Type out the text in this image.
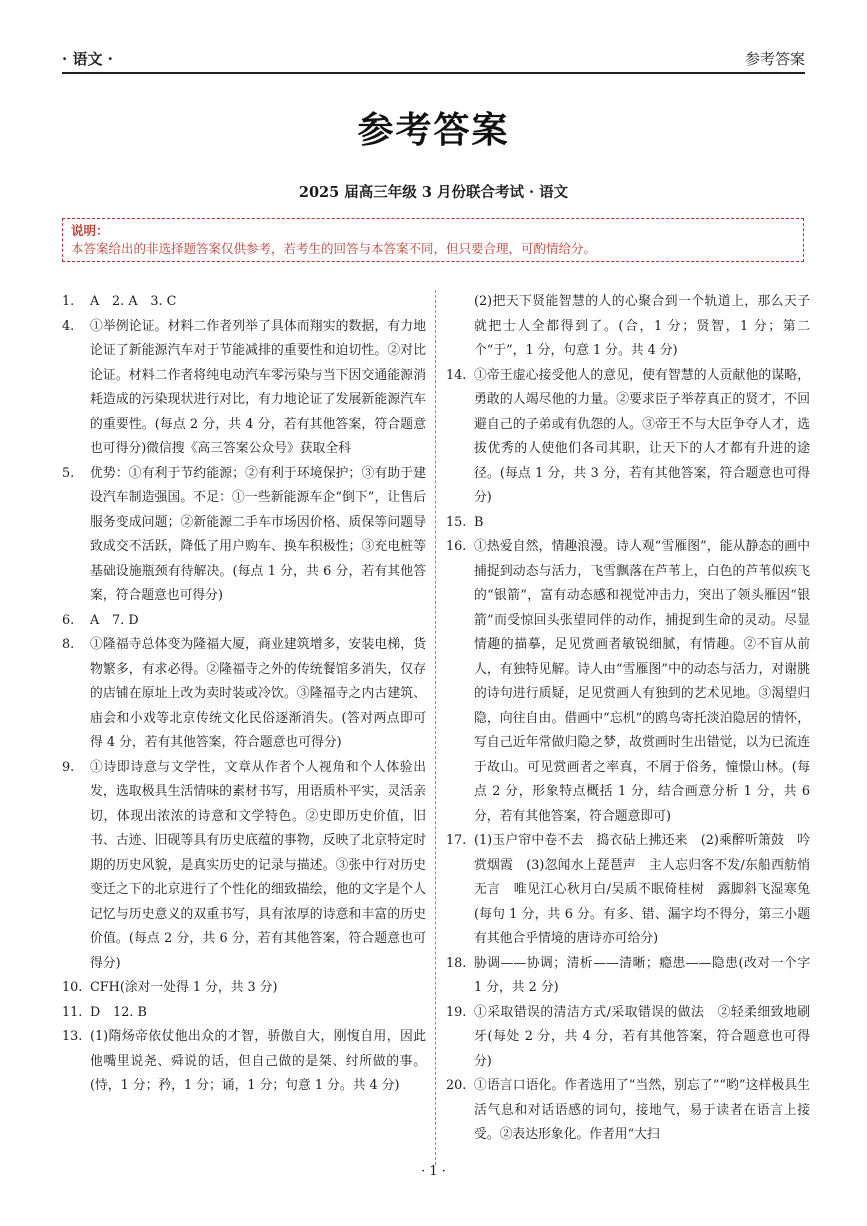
· 语文 ·	参考答案
参考答案
2025 届高三年级 3 月份联合考试 · 语文
说明：
本答案给出的非选择题答案仅供参考，若考生的回答与本答案不同，但只要合理，可酌情给分。
1.	A　2. A　3. C
4.	①举例论证。材料二作者列举了具体而翔实的数据，有力地论证了新能源汽车对于节能减排的重要性和迫切性。②对比论证。材料二作者将纯电动汽车零污染与当下因交通能源消耗造成的污染现状进行对比，有力地论证了发展新能源汽车的重要性。(每点 2 分，共 4 分，若有其他答案，符合题意也可得分)微信搜《高三答案公众号》获取全科
5.	优势：①有利于节约能源；②有利于环境保护；③有助于建设汽车制造强国。不足：①一些新能源车企“倒下”，让售后服务变成问题；②新能源二手车市场因价格、质保等问题导致成交不活跃，降低了用户购车、换车积极性；③充电桩等基础设施瓶颈有待解决。(每点 1 分，共 6 分，若有其他答案，符合题意也可得分)
6.	A　7. D
8.	①隆福寺总体变为隆福大厦，商业建筑增多，安装电梯，货物繁多，有求必得。②隆福寺之外的传统餐馆多消失，仅存的店铺在原址上改为卖时装或冷饮。③隆福寺之内古建筑、庙会和小戏等北京传统文化民俗逐渐消失。(答对两点即可得 4 分，若有其他答案，符合题意也可得分)
9.	①诗即诗意与文学性，文章从作者个人视角和个人体验出发，选取极具生活情味的素材书写，用语质朴平实，灵活亲切，体现出浓浓的诗意和文学特色。②史即历史价值，旧书、古迹、旧砚等具有历史底蕴的事物，反映了北京特定时期的历史风貌，是真实历史的记录与描述。③张中行对历史变迁之下的北京进行了个性化的细致描绘，他的文字是个人记忆与历史意义的双重书写，具有浓厚的诗意和丰富的历史价值。(每点 2 分，共 6 分，若有其他答案，符合题意也可得分)
10. CFH(涂对一处得 1 分，共 3 分)
11. D　12. B
13. (1)隋炀帝依仗他出众的才智，骄傲自大，刚愎自用，因此他嘴里说尧、舜说的话，但自己做的是桀、纣所做的事。(恃，1 分；矜，1 分；诵，1 分；句意 1 分。共 4 分)
(2)把天下贤能智慧的人的心聚合到一个轨道上，那么天子就把士人全都得到了。(合，1 分；贤智，1 分；第二个“于”，1 分，句意 1 分。共 4 分)
14. ①帝王虚心接受他人的意见，使有智慧的人贡献他的谋略，勇敢的人竭尽他的力量。②要求臣子举荐真正的贤才，不回避自己的子弟或有仇怨的人。③帝王不与大臣争夺人才，选拔优秀的人使他们各司其职，让天下的人才都有升进的途径。(每点 1 分，共 3 分，若有其他答案，符合题意也可得分)
15. B
16. ①热爱自然，情趣浪漫。诗人观“雪雁图”，能从静态的画中捕捉到动态与活力，飞雪飘落在芦苇上，白色的芦苇似疾飞的“银箭”，富有动态感和视觉冲击力，突出了领头雁因“银箭”而受惊回头张望同伴的动作，捕捉到生命的灵动。尽显情趣的描摹，足见赏画者敏锐细腻，有情趣。②不盲从前人，有独特见解。诗人由“雪雁图”中的动态与活力，对谢朓的诗句进行质疑，足见赏画人有独到的艺术见地。③渴望归隐，向往自由。借画中“忘机”的鸥鸟寄托淡泊隐居的情怀，写自己近年常做归隐之梦，故赏画时生出错觉，以为已流连于故山。可见赏画者之率真，不屑于俗务，憧憬山林。(每点 2 分，形象特点概括 1 分，结合画意分析 1 分，共 6 分，若有其他答案，符合题意即可)
17. (1)玉户帘中卷不去　捣衣砧上拂还来　(2)乘醉听箫鼓　吟赏烟霞　(3)忽闻水上琵琶声　主人忘归客不发/东船西舫悄无言　唯见江心秋月白/吴质不眠倚桂树　露脚斜飞湿寒兔(每句 1 分，共 6 分。有多、错、漏字均不得分，第三小题有其他合乎情境的唐诗亦可给分)
18. 胁调——协调；清析——清晰；瘾患——隐患(改对一个字 1 分，共 2 分)
19. ①采取错误的清洁方式/采取错误的做法　②轻柔细致地刷牙(每处 2 分，共 4 分，若有其他答案，符合题意也可得分)
20. ①语言口语化。作者选用了“当然，别忘了”“哟”这样极具生活气息和对话语感的词句，接地气，易于读者在语言上接受。②表达形象化。作者用“大扫
· 1 ·
